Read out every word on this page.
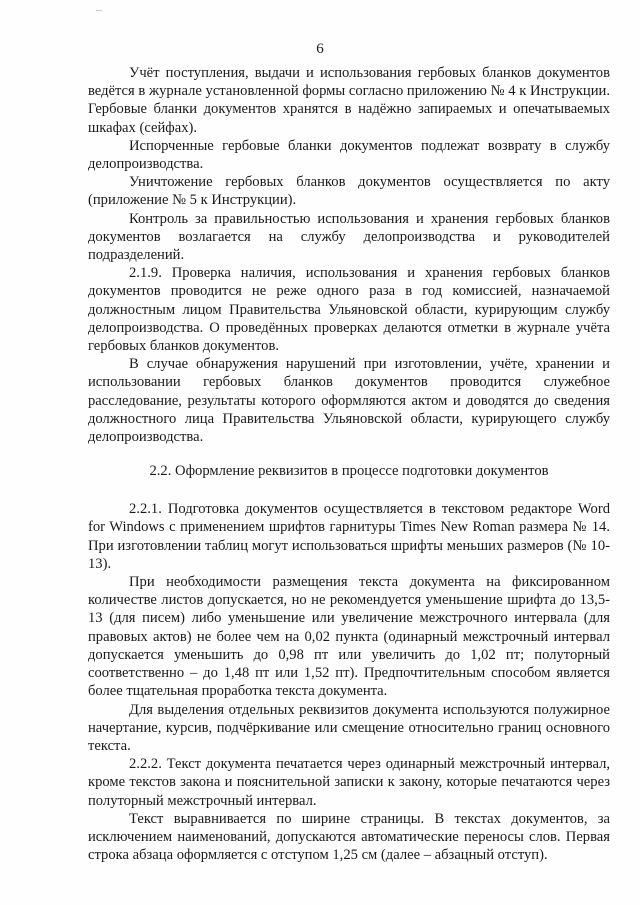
6

Учёт поступления, выдачи и использования гербовых бланков документов ведётся в журнале установленной формы согласно приложению № 4 к Инструкции. Гербовые бланки документов хранятся в надёжно запираемых и опечатываемых шкафах (сейфах).

Испорченные гербовые бланки документов подлежат возврату в службу делопроизводства.

Уничтожение гербовых бланков документов осуществляется по акту (приложение № 5 к Инструкции).

Контроль за правильностью использования и хранения гербовых бланков документов возлагается на службу делопроизводства и руководителей подразделений.

2.1.9. Проверка наличия, использования и хранения гербовых бланков документов проводится не реже одного раза в год комиссией, назначаемой должностным лицом Правительства Ульяновской области, курирующим службу делопроизводства. О проведённых проверках делаются отметки в журнале учёта гербовых бланков документов.

В случае обнаружения нарушений при изготовлении, учёте, хранении и использовании гербовых бланков документов проводится служебное расследование, результаты которого оформляются актом и доводятся до сведения должностного лица Правительства Ульяновской области, курирующего службу делопроизводства.

2.2. Оформление реквизитов в процессе подготовки документов

2.2.1. Подготовка документов осуществляется в текстовом редакторе Word for Windows с применением шрифтов гарнитуры Times New Roman размера № 14. При изготовлении таблиц могут использоваться шрифты меньших размеров (№ 10-13).

При необходимости размещения текста документа на фиксированном количестве листов допускается, но не рекомендуется уменьшение шрифта до 13,5-13 (для писем) либо уменьшение или увеличение межстрочного интервала (для правовых актов) не более чем на 0,02 пункта (одинарный межстрочный интервал допускается уменьшить до 0,98 пт или увеличить до 1,02 пт; полуторный соответственно – до 1,48 пт или 1,52 пт). Предпочтительным способом является более тщательная проработка текста документа.

Для выделения отдельных реквизитов документа используются полужирное начертание, курсив, подчёркивание или смещение относительно границ основного текста.

2.2.2. Текст документа печатается через одинарный межстрочный интервал, кроме текстов закона и пояснительной записки к закону, которые печатаются через полуторный межстрочный интервал.

Текст выравнивается по ширине страницы. В текстах документов, за исключением наименований, допускаются автоматические переносы слов. Первая строка абзаца оформляется с отступом 1,25 см (далее – абзацный отступ).
